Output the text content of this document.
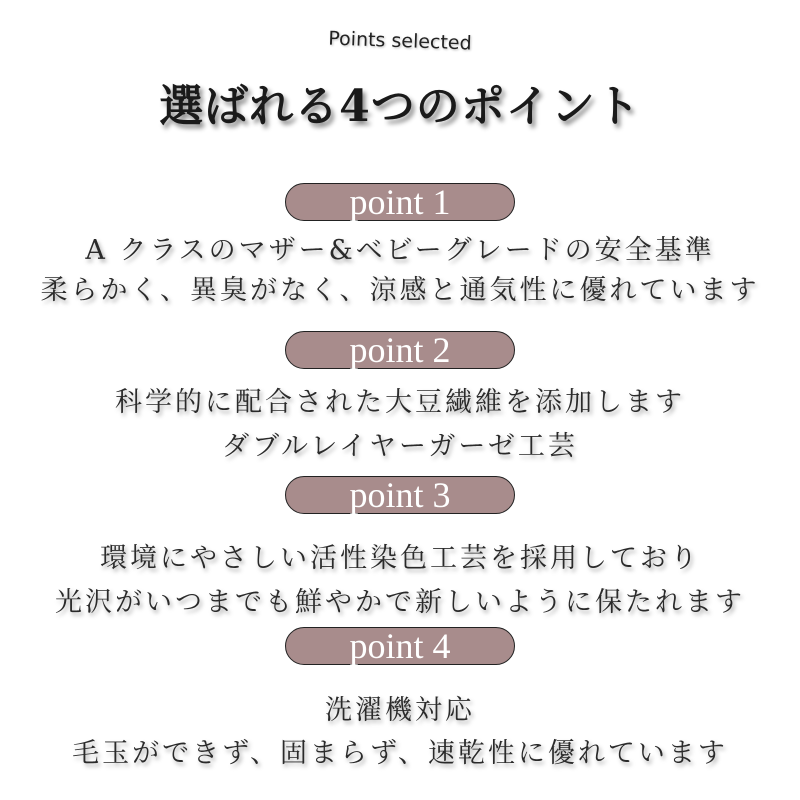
Points selected
選ばれる4つのポイント
point 1
A クラスのマザー&ベビーグレードの安全基準
柔らかく、異臭がなく、涼感と通気性に優れています
point 2
科学的に配合された大豆繊維を添加します
ダブルレイヤーガーゼ工芸
point 3
環境にやさしい活性染色工芸を採用しており
光沢がいつまでも鮮やかで新しいように保たれます
point 4
洗濯機対応
毛玉ができず、固まらず、速乾性に優れています
